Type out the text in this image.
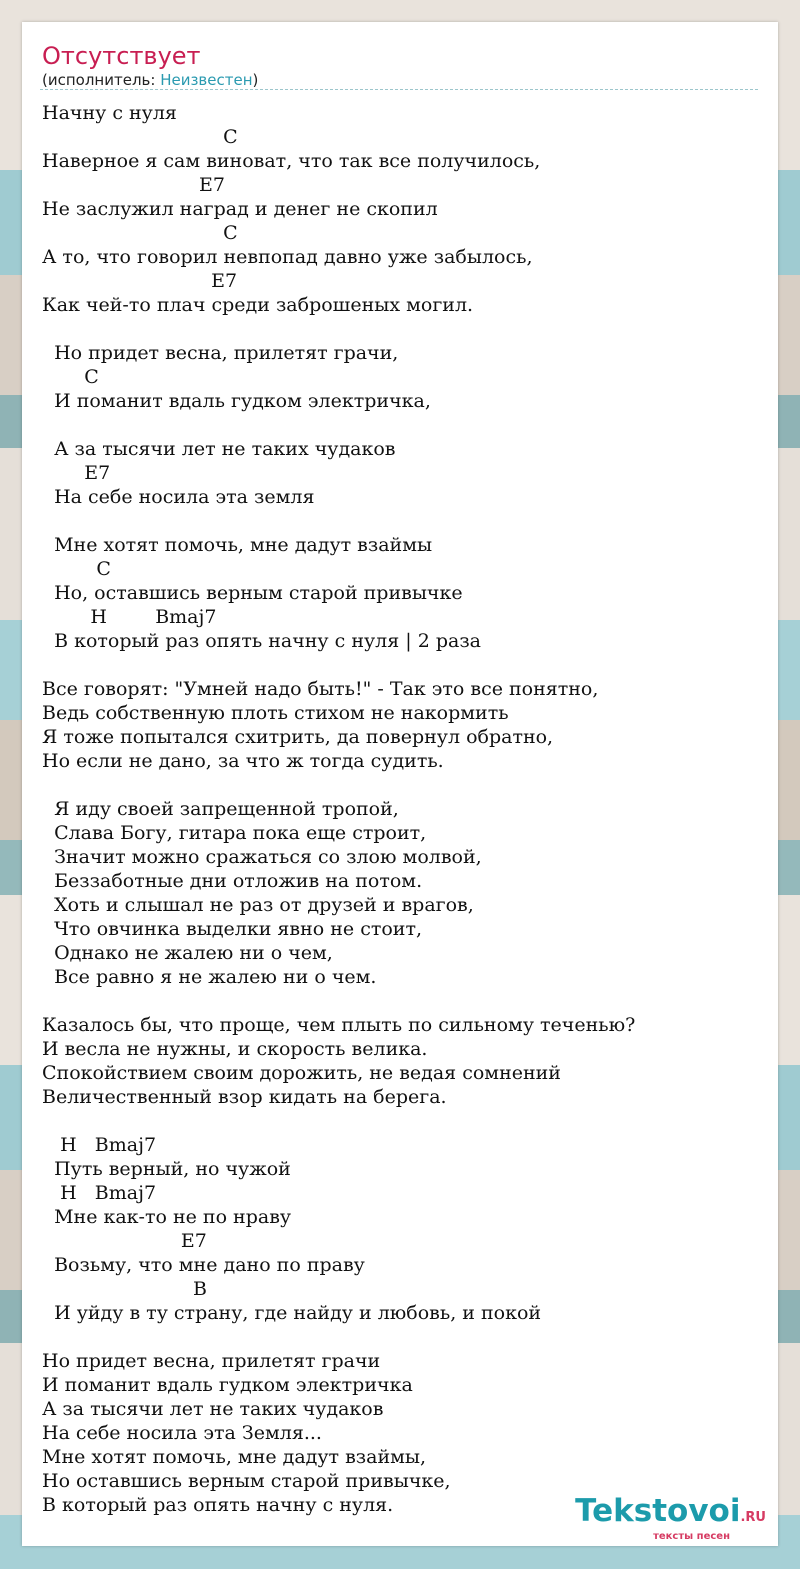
Отсутствует
(исполнитель: Неизвестен)
Начну с нуля
C
Наверное я сам виноват, что так все получилось,
E7
Не заслужил наград и денег не скопил
C
А то, что говорил невпопад давно уже забылось,
E7
Как чей-то плач среди заброшеных могил.

Но придет весна, прилетят грачи,
C
И поманит вдаль гудком электричка,

А за тысячи лет не таких чудаков
E7
На себе носила эта земля

Мне хотят помочь, мне дадут взаймы
C
Но, оставшись верным старой привычке
H        Bmaj7
В который раз опять начну с нуля | 2 раза

Все говорят: "Умней надо быть!" - Так это все понятно,
Ведь собственную плоть стихом не накормить
Я тоже попытался схитрить, да повернул обратно,
Но если не дано, за что ж тогда судить.

Я иду своей запрещенной тропой,
Слава Богу, гитара пока еще строит,
Значит можно сражаться со злою молвой,
Беззаботные дни отложив на потом.
Хоть и слышал не раз от друзей и врагов,
Что овчинка выделки явно не стоит,
Однако не жалею ни о чем,
Все равно я не жалею ни о чем.

Казалось бы, что проще, чем плыть по сильному теченью?
И весла не нужны, и скорость велика.
Спокойствием своим дорожить, не ведая сомнений
Величественный взор кидать на берега.

H   Bmaj7
Путь верный, но чужой
H   Bmaj7
Мне как-то не по нраву
E7
Возьму, что мне дано по праву
B
И уйду в ту страну, где найду и любовь, и покой

Но придет весна, прилетят грачи
И поманит вдаль гудком электричка
А за тысячи лет не таких чудаков
На себе носила эта Земля...
Мне хотят помочь, мне дадут взаймы,
Но оставшись верным старой привычке,
В который раз опять начну с нуля.	Tekstovoi.RU
тексты песен
